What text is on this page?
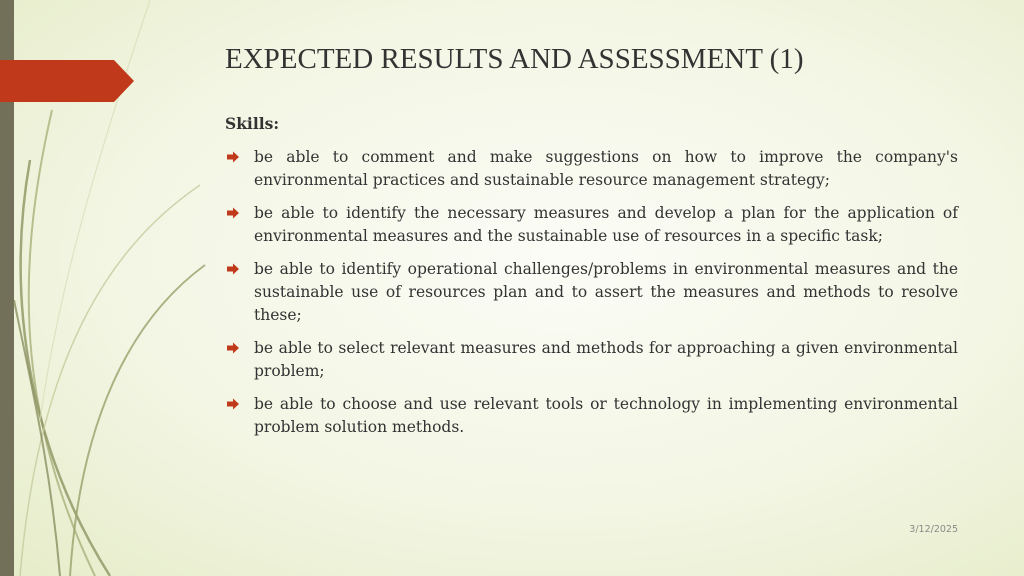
EXPECTED RESULTS AND ASSESSMENT (1)
Skills:
be able to comment and make suggestions on how to improve the company's environmental practices and sustainable resource management strategy;
be able to identify the necessary measures and develop a plan for the application of environmental measures and the sustainable use of resources in a specific task;
be able to identify operational challenges/problems in environmental measures and the sustainable use of resources plan and to assert the measures and methods to resolve these;
be able to select relevant measures and methods for approaching a given environmental problem;
be able to choose and use relevant tools or technology in implementing environmental problem solution methods.
3/12/2025
